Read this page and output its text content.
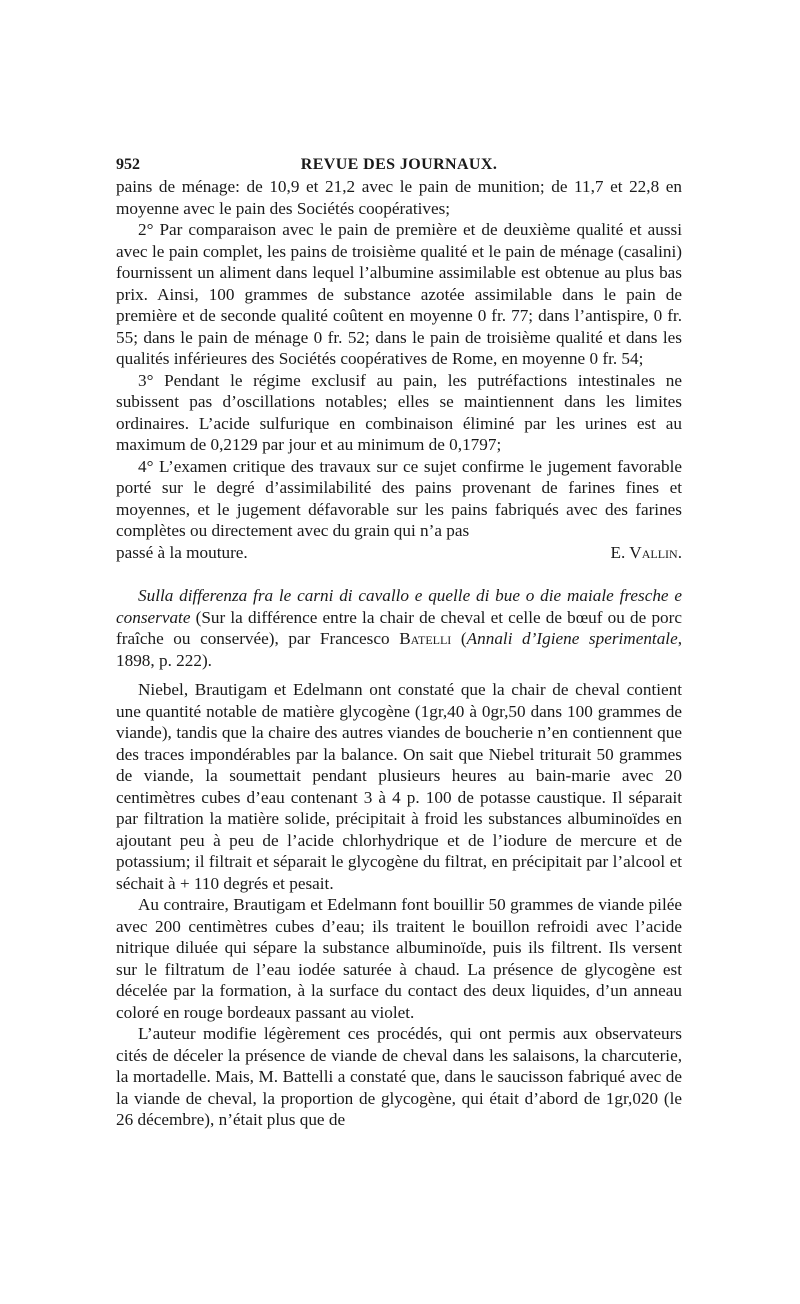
952	REVUE DES JOURNAUX.

pains de ménage: de 10,9 et 21,2 avec le pain de munition; de 11,7 et 22,8 en moyenne avec le pain des Sociétés coopératives;

2° Par comparaison avec le pain de première et de deuxième qualité et aussi avec le pain complet, les pains de troisième qualité et le pain de ménage (casalini) fournissent un aliment dans lequel l’albumine assimilable est obtenue au plus bas prix. Ainsi, 100 grammes de substance azotée assimilable dans le pain de première et de seconde qualité coûtent en moyenne 0 fr. 77; dans l’antispire, 0 fr. 55; dans le pain de ménage 0 fr. 52; dans le pain de troisième qualité et dans les qualités inférieures des Sociétés coopératives de Rome, en moyenne 0 fr. 54;

3° Pendant le régime exclusif au pain, les putréfactions intestinales ne subissent pas d’oscillations notables; elles se maintiennent dans les limites ordinaires. L’acide sulfurique en combinaison éliminé par les urines est au maximum de 0,2129 par jour et au minimum de 0,1797;

4° L’examen critique des travaux sur ce sujet confirme le jugement favorable porté sur le degré d’assimilabilité des pains provenant de farines fines et moyennes, et le jugement défavorable sur les pains fabriqués avec des farines complètes ou directement avec du grain qui n’a pas

passé à la mouture.	E. Vallin.

Sulla differenza fra le carni di cavallo e quelle di bue o die maiale fresche e conservate (Sur la différence entre la chair de cheval et celle de bœuf ou de porc fraîche ou conservée), par Francesco Batelli (Annali d’Igiene sperimentale, 1898, p. 222).

Niebel, Brautigam et Edelmann ont constaté que la chair de cheval contient une quantité notable de matière glycogène (1gr,40 à 0gr,50 dans 100 grammes de viande), tandis que la chaire des autres viandes de boucherie n’en contiennent que des traces impondérables par la balance. On sait que Niebel triturait 50 grammes de viande, la soumettait pendant plusieurs heures au bain-marie avec 20 centimètres cubes d’eau contenant 3 à 4 p. 100 de potasse caustique. Il séparait par filtration la matière solide, précipitait à froid les substances albuminoïdes en ajoutant peu à peu de l’acide chlorhydrique et de l’iodure de mercure et de potassium; il filtrait et séparait le glycogène du filtrat, en précipitait par l’alcool et séchait à + 110 degrés et pesait.

Au contraire, Brautigam et Edelmann font bouillir 50 grammes de viande pilée avec 200 centimètres cubes d’eau; ils traitent le bouillon refroidi avec l’acide nitrique diluée qui sépare la substance albuminoïde, puis ils filtrent. Ils versent sur le filtratum de l’eau iodée saturée à chaud. La présence de glycogène est décelée par la formation, à la surface du contact des deux liquides, d’un anneau coloré en rouge bordeaux passant au violet.

L’auteur modifie légèrement ces procédés, qui ont permis aux observateurs cités de déceler la présence de viande de cheval dans les salaisons, la charcuterie, la mortadelle. Mais, M. Battelli a constaté que, dans le saucisson fabriqué avec de la viande de cheval, la proportion de glycogène, qui était d’abord de 1gr,020 (le 26 décembre), n’était plus que de
